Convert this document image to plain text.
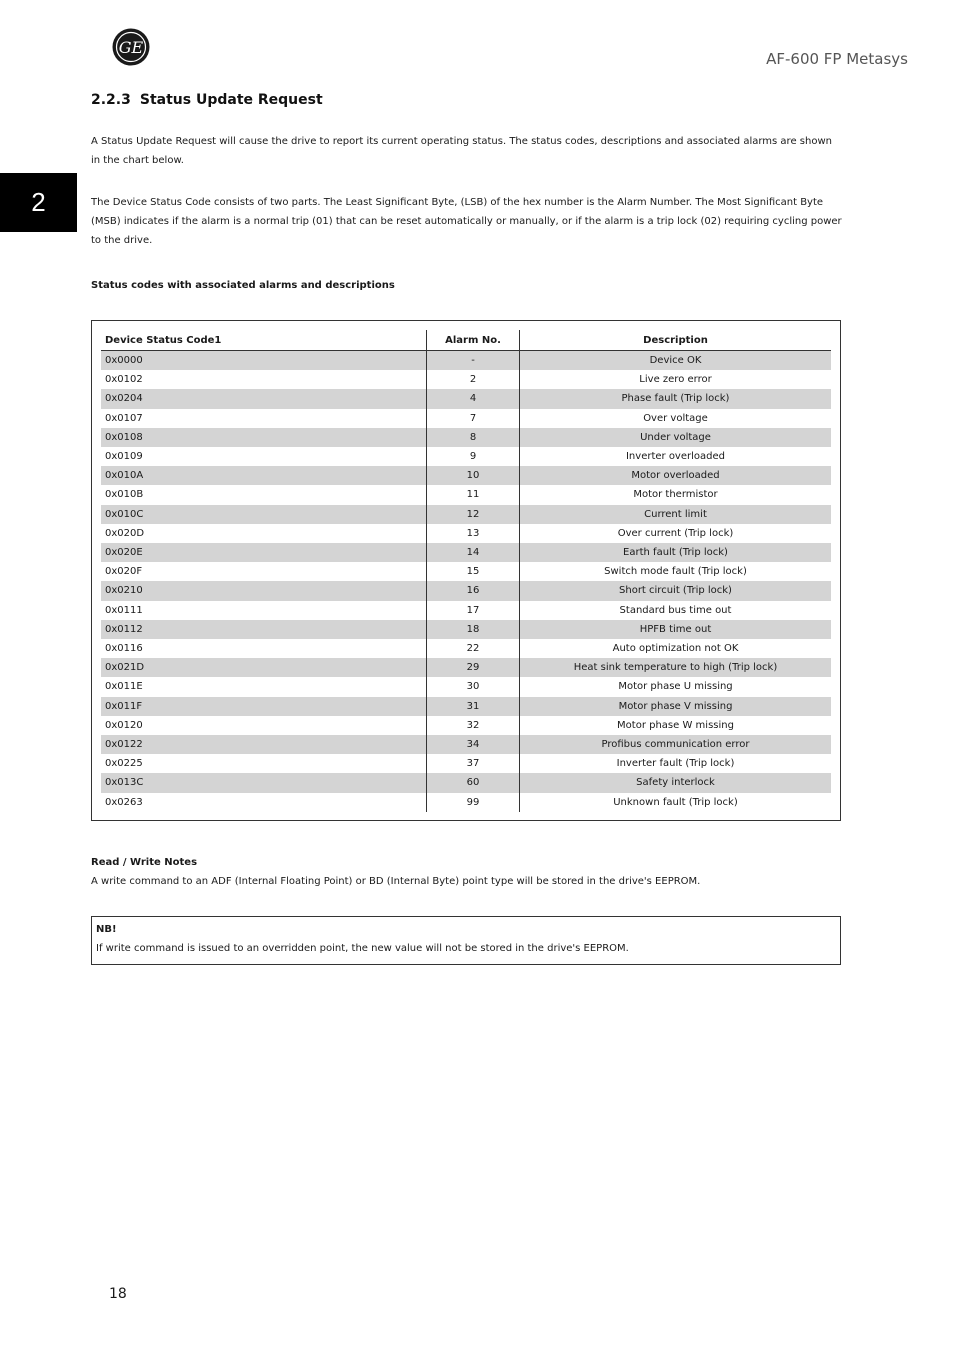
GE
AF-600 FP Metasys
2
2.2.3 Status Update Request
A Status Update Request will cause the drive to report its current operating status. The status codes, descriptions and associated alarms are shown in the chart below.
The Device Status Code consists of two parts. The Least Significant Byte, (LSB) of the hex number is the Alarm Number. The Most Significant Byte (MSB) indicates if the alarm is a normal trip (01) that can be reset automatically or manually, or if the alarm is a trip lock (02) requiring cycling power to the drive.
Status codes with associated alarms and descriptions
Device Status Code1	Alarm No.	Description
0x0000	-	Device OK
0x0102	2	Live zero error
0x0204	4	Phase fault (Trip lock)
0x0107	7	Over voltage
0x0108	8	Under voltage
0x0109	9	Inverter overloaded
0x010A	10	Motor overloaded
0x010B	11	Motor thermistor
0x010C	12	Current limit
0x020D	13	Over current (Trip lock)
0x020E	14	Earth fault (Trip lock)
0x020F	15	Switch mode fault (Trip lock)
0x0210	16	Short circuit (Trip lock)
0x0111	17	Standard bus time out
0x0112	18	HPFB time out
0x0116	22	Auto optimization not OK
0x021D	29	Heat sink temperature to high (Trip lock)
0x011E	30	Motor phase U missing
0x011F	31	Motor phase V missing
0x0120	32	Motor phase W missing
0x0122	34	Profibus communication error
0x0225	37	Inverter fault (Trip lock)
0x013C	60	Safety interlock
0x0263	99	Unknown fault (Trip lock)
Read / Write Notes
A write command to an ADF (Internal Floating Point) or BD (Internal Byte) point type will be stored in the drive's EEPROM.
NB!
If write command is issued to an overridden point, the new value will not be stored in the drive's EEPROM.
18
